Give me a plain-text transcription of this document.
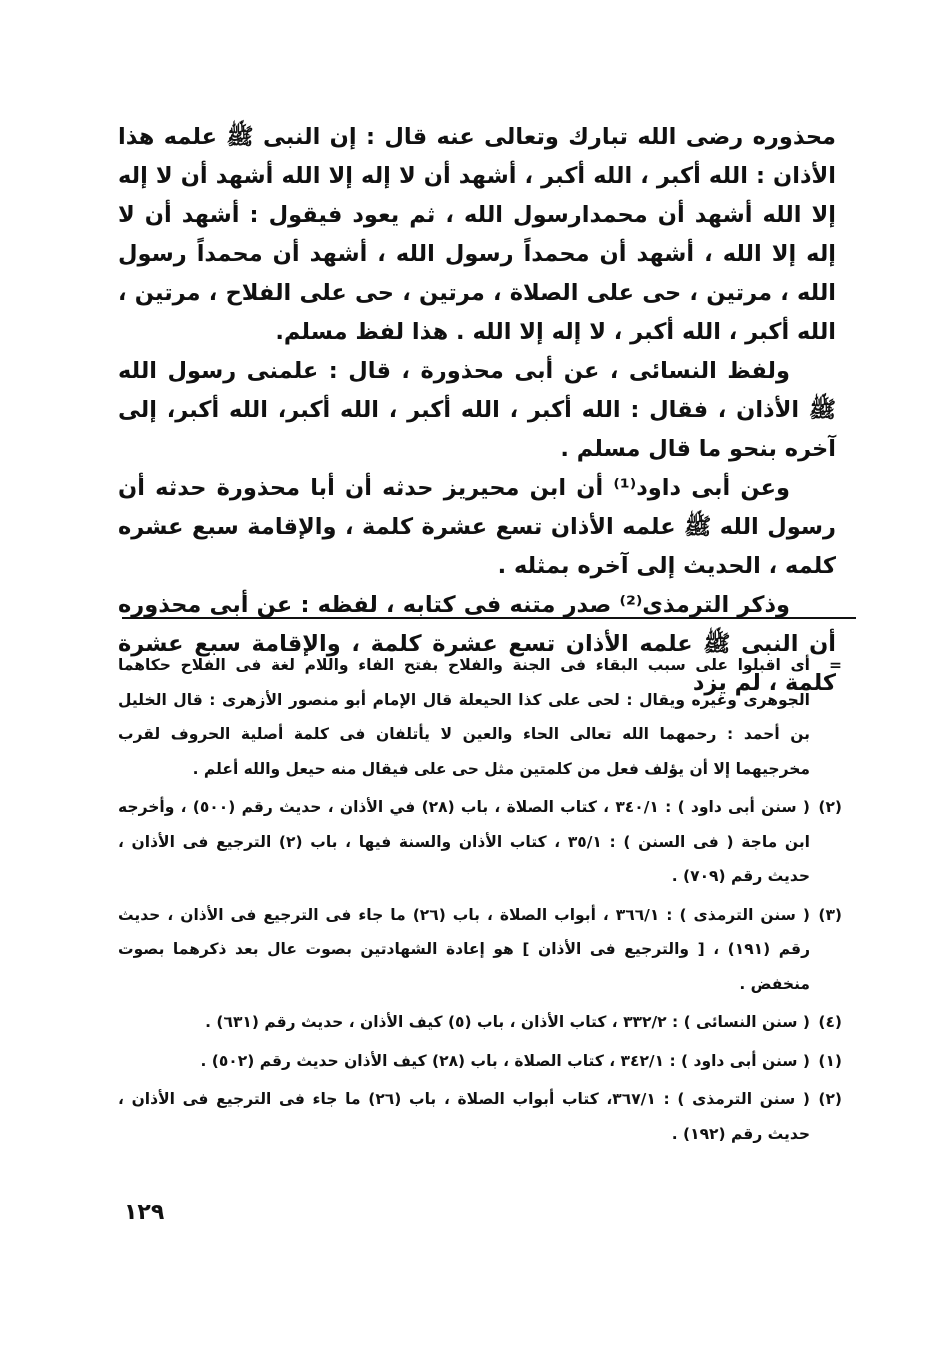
محذوره رضى الله تبارك وتعالى عنه قال : إن النبى ﷺ علمه هذا الأذان : الله أكبر ، الله أكبر ، أشهد أن لا إله إلا الله أشهد أن لا إله إلا الله أشهد أن محمدارسول الله ، ثم يعود فيقول : أشهد أن لا إله إلا الله ، أشهد أن محمداً رسول الله ، أشهد أن محمداً رسول الله ، مرتين ، حى على الصلاة ، مرتين ، حى على الفلاح ، مرتين ، الله أكبر ، الله أكبر ، لا إله إلا الله . هذا لفظ مسلم.

ولفظ النسائى ، عن أبى محذورة ، قال : علمنى رسول الله ﷺ الأذان ، فقال : الله أكبر ، الله أكبر ، الله أكبر، الله أكبر، إلى آخره بنحو ما قال مسلم .

وعن أبى داود⁽¹⁾ أن ابن محيريز حدثه أن أبا محذورة حدثه أن رسول الله ﷺ علمه الأذان تسع عشرة كلمة ، والإقامة سبع عشره كلمه ، الحديث إلى آخره بمثله .

وذكر الترمذى⁽²⁾ صدر متنه فى كتابه ، لفظه : عن أبى محذوره أن النبى ﷺ علمه الأذان تسع عشرة كلمة ، والإقامة سبع عشرة كلمة ، لم يزد

=
أى اقبلوا على سبب البقاء فى الجنة والفلاح بفتح الفاء واللام لغة فى الفلاح حكاهما الجوهرى وغيره ويقال : لحى على كذا الحيعلة قال الإمام أبو منصور الأزهرى : قال الخليل بن أحمد : رحمهما الله تعالى الحاء والعين لا يأتلفان فى كلمة أصلية الحروف لقرب مخرجيهما إلا أن يؤلف فعل من كلمتين مثل حى على فيقال منه حيعل والله أعلم .
(٢)
( سنن أبى داود ) : ٣٤٠/١ ، كتاب الصلاة ، باب (٢٨) في الأذان ، حديث رقم (٥٠٠) ، وأخرجه ابن ماجة ( فى السنن ) : ٣٥/١ ، كتاب الأذان والسنة فيها ، باب (٢) الترجيع فى الأذان ، حديث رقم (٧٠٩) .
(٣)
( سنن الترمذى ) : ٣٦٦/١ ، أبواب الصلاة ، باب (٢٦) ما جاء فى الترجيع فى الأذان ، حديث رقم (١٩١) ، [ والترجيع فى الأذان ] هو إعادة الشهادتين بصوت عال بعد ذكرهما بصوت منخفض .
(٤)
( سنن النسائى ) : ٣٣٢/٢ ، كتاب الأذان ، باب (٥) كيف الأذان ، حديث رقم (٦٣١) .
(١)
( سنن أبى داود ) : ٣٤٢/١ ، كتاب الصلاة ، باب (٢٨) كيف الأذان حديث رقم (٥٠٢) .
(٢)
( سنن الترمذى ) : ٣٦٧/١، كتاب أبواب الصلاة ، باب (٢٦) ما جاء فى الترجيع فى الأذان ، حديث رقم (١٩٢) .
١٢٩
